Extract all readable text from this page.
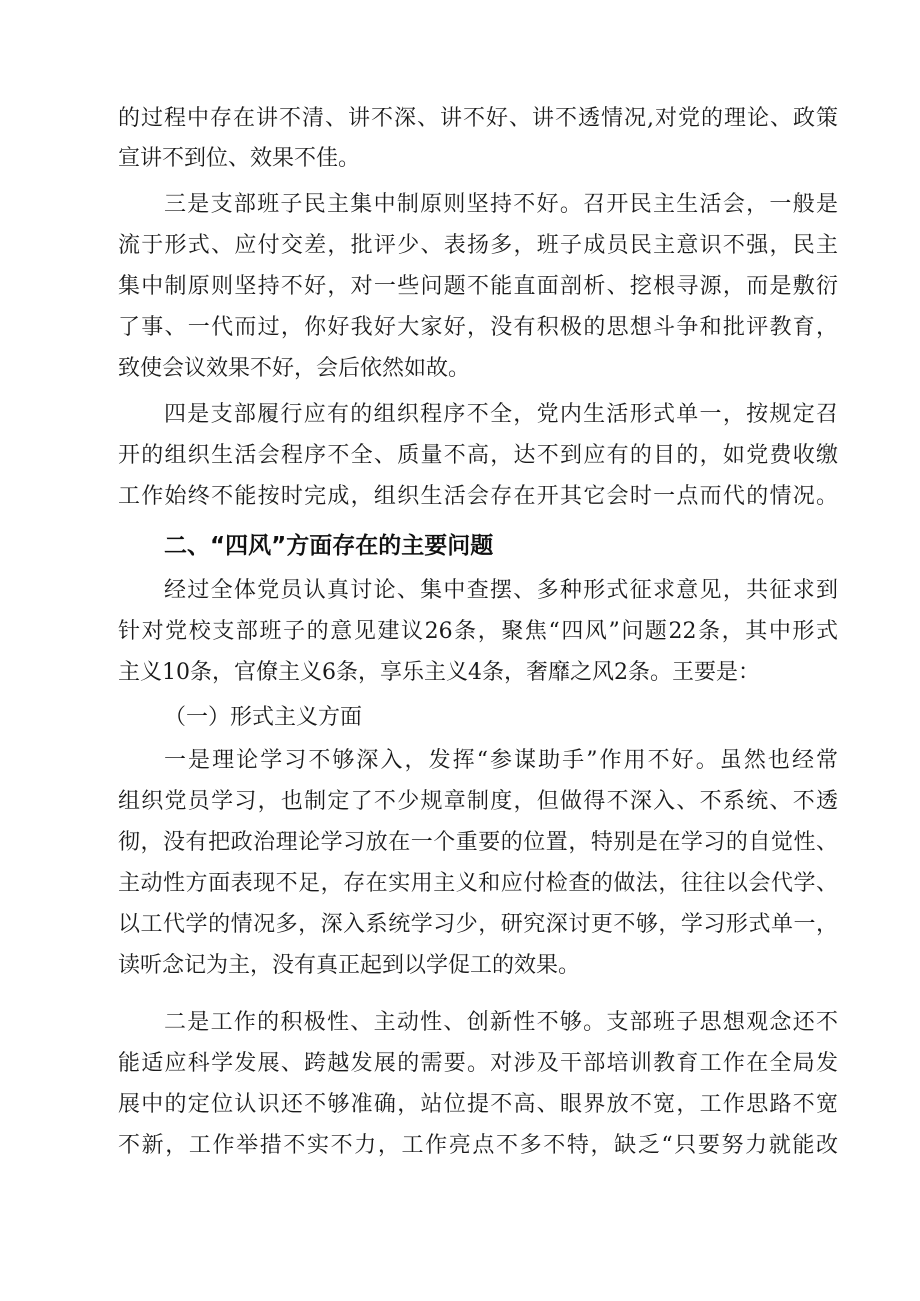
的过程中存在讲不清、讲不深、讲不好、讲不透情况,对党的理论、政策
宣讲不到位、效果不佳。
三是支部班子民主集中制原则坚持不好。召开民主生活会，一般是
流于形式、应付交差，批评少、表扬多，班子成员民主意识不强，民主
集中制原则坚持不好，对一些问题不能直面剖析、挖根寻源，而是敷衍
了事、一代而过，你好我好大家好，没有积极的思想斗争和批评教育，
致使会议效果不好，会后依然如故。
四是支部履行应有的组织程序不全，党内生活形式单一，按规定召
开的组织生活会程序不全、质量不高，达不到应有的目的，如党费收缴
工作始终不能按时完成，组织生活会存在开其它会时一点而代的情况。
二、“四风”方面存在的主要问题
经过全体党员认真讨论、集中查摆、多种形式征求意见，共征求到
针对党校支部班子的意见建议26条，聚焦“四风”问题22条，其中形式
主义10条，官僚主义6条，享乐主义4条，奢靡之风2条。王要是：
（一）形式主义方面
一是理论学习不够深入，发挥“参谋助手”作用不好。虽然也经常
组织党员学习，也制定了不少规章制度，但做得不深入、不系统、不透
彻，没有把政治理论学习放在一个重要的位置，特别是在学习的自觉性、
主动性方面表现不足，存在实用主义和应付检查的做法，往往以会代学、
以工代学的情况多，深入系统学习少，研究深讨更不够，学习形式单一，
读听念记为主，没有真正起到以学促工的效果。
二是工作的积极性、主动性、创新性不够。支部班子思想观念还不
能适应科学发展、跨越发展的需要。对涉及干部培训教育工作在全局发
展中的定位认识还不够准确，站位提不高、眼界放不宽，工作思路不宽
不新，工作举措不实不力，工作亮点不多不特，缺乏“只要努力就能改
